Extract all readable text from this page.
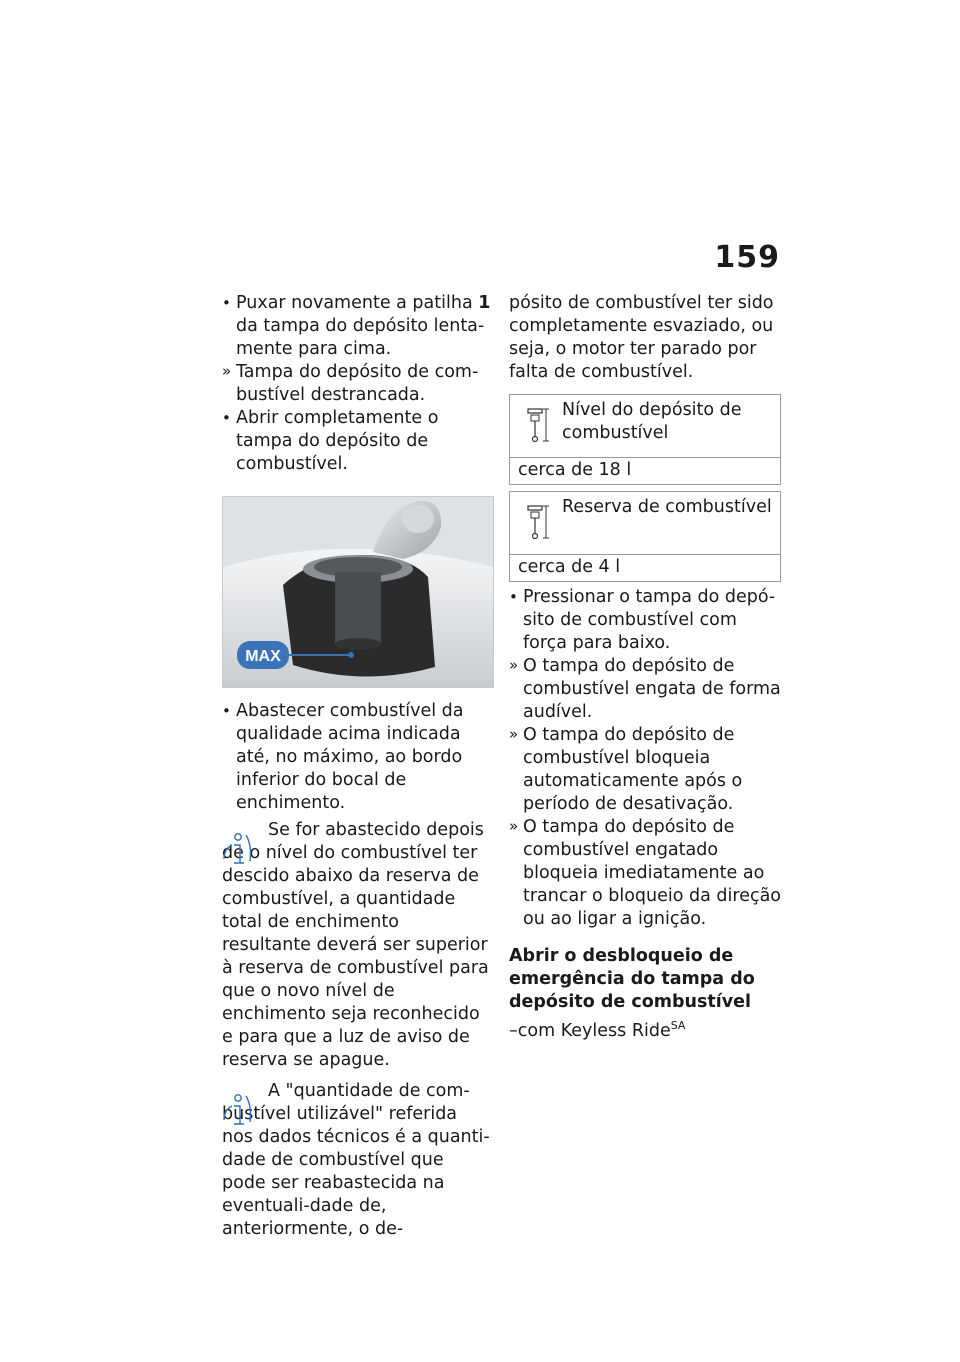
159

• Puxar novamente a patilha 1 da tampa do depósito lenta-mente para cima.

» Tampa do depósito de com-bustível destrancada.

• Abrir completamente o tampa do depósito de combustível.

MAX

• Abastecer combustível da qualidade acima indicada até, no máximo, ao bordo inferior do bocal de enchimento.

Se for abastecido depois de o nível do combustível ter descido abaixo da reserva de combustível, a quantidade total de enchimento resultante deverá ser superior à reserva de combustível para que o novo nível de enchimento seja reconhecido e para que a luz de aviso de reserva se apague.

A "quantidade de com-bustível utilizável" referida nos dados técnicos é a quanti-dade de combustível que pode ser reabastecida na eventuali-dade de, anteriormente, o de-

pósito de combustível ter sido completamente esvaziado, ou seja, o motor ter parado por falta de combustível.

Nível do depósito de combustível
cerca de 18 l
Reserva de combustível
cerca de 4 l

• Pressionar o tampa do depó-sito de combustível com força para baixo.

» O tampa do depósito de combustível engata de forma audível.

» O tampa do depósito de combustível bloqueia automaticamente após o período de desativação.

» O tampa do depósito de combustível engatado bloqueia imediatamente ao trancar o bloqueio da direção ou ao ligar a ignição.

Abrir o desbloqueio de emergência do tampa do depósito de combustível

–com Keyless Ride$^{SA}$
